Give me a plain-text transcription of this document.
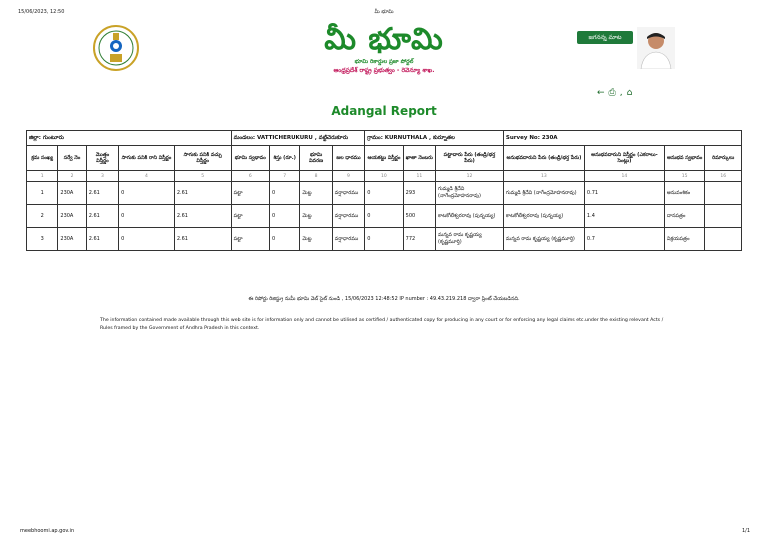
15/06/2023, 12:50	మీ భూమి
మీ భూమి
భూమి రికార్డుల ప్రజా పోర్టల్
ఆంధ్రప్రదేశ్ రాష్ట్ర ప్రభుత్వం - రెవెన్యూ శాఖ.
జగనన్న మాట
← ⎙ , ⌂
Adangal Report
జిల్లా: గుంటూరు					మండలం: VATTICHERUKURU , వట్టిచెరుకూరు				గ్రామం: KURNUTHALA , కుర్నూతల			Survey No: 230A			
క్రమ సంఖ్య	సర్వే నెం	మొత్తం విస్తీర్ణం	సాగుకు పనికి రాని విస్తీర్ణం	సాగుకు పనికి వచ్చు విస్తీర్ణం	భూమి స్వభావం	శిస్తు (రూ.)	భూమి వివరణ	జల ధారము	ఆయకట్టు విస్తీర్ణం	ఖాతా నెంబరు	పట్టాదారు పేరు (తండ్రి/భర్త పేరు)	అనుభవదారుని పేరు (తండ్రి/భర్త పేరు)	అనుభవదారుని విస్తీర్ణం (ఎకరాలు-సెంట్లు)	అనుభవ స్వభావం	రిమార్కులు
1	2	3	4	5	6	7	8	9	10	11	12	13	14	15	16
1	230A	2.61	0	2.61	పట్టా	0	మెట్ట	వర్షాధారము	0	293	గుమ్మడి శ్రీదేవి (నాగేంద్రమోహనరావు)	గుమ్మడి శ్రీదేవి (నాగేంద్రమోహనరావు)	0.71	అనువంశికం	
2	230A	2.61	0	2.61	పట్టా	0	మెట్ట	వర్షాధారము	0	500	కాటకోటేశ్వరరావు (పున్నయ్య)	కాటకోటేశ్వరరావు (పున్నయ్య)	1.4	దానపత్రం	
3	230A	2.61	0	2.61	పట్టా	0	మెట్ట	వర్షాధారము	0	772	మన్నవ రామ కృష్ణయ్య (కృష్ణమూర్తి)	మన్నవ రామ కృష్ణయ్య (కృష్ణమూర్తి)	0.7	విక్రయపత్రం	
ఈ రిపోర్టు రిజిస్ట్రు నుమీ భూమి వెబ్ సైట్ నుండి , 15/06/2023 12:48:52 IP number : 49.43.219.218 ద్వారా ప్రింట్ చేయబడినది.
The information contained made available through this web site is for information only and cannot be utilised as certified / authenticated copy for producing in any court or for enforcing any legal claims etc.under the existing relevant Acts / Rules framed by the Government of Andhra Pradesh in this context.
meebhoomi.ap.gov.in	1/1
